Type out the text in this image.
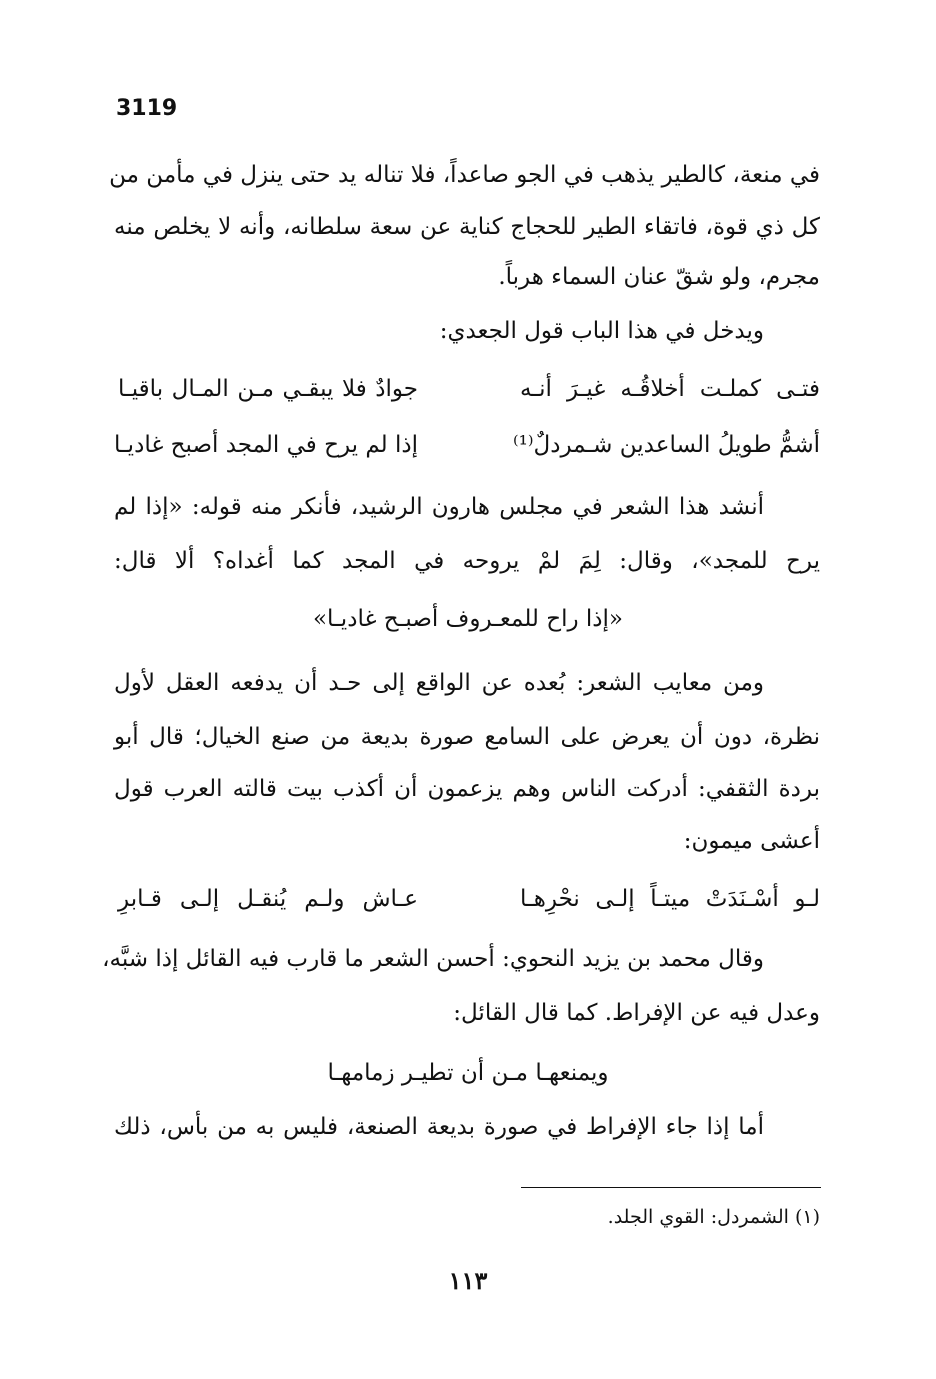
3119

في منعة، كالطير يذهب في الجو صاعداً، فلا تناله يد حتى ينزل في مأمن من

كل ذي قوة، فاتقاء الطير للحجاج كناية عن سعة سلطانه، وأنه لا يخلص منه

مجرم، ولو شقّ عنان السماء هرباً.

ويدخل في هذا الباب قول الجعدي:

فتـى كملـت أخلاقُـه غيـرَ أنـه

جوادٌ فلا يبقـي مـن المـال باقيـا

أشمُّ طويلُ الساعدين شـمردلٌ⁽¹⁾

إذا لم يرح في المجد أصبح غاديـا

أنشد هذا الشعر في مجلس هارون الرشيد، فأنكر منه قوله: «إذا لم

يرح للمجد»، وقال: لِمَ لمْ يروحه في المجد كما أغداه؟ ألا قال:

«إذا راح للمعـروف أصبـح غاديـا»

ومن معايب الشعر: بُعده عن الواقع إلى حـد أن يدفعه العقل لأول

نظرة، دون أن يعرض على السامع صورة بديعة من صنع الخيال؛ قال أبو

بردة الثقفي: أدركت الناس وهم يزعمون أن أكذب بيت قالته العرب قول

أعشى ميمون:

لـو أسْـنَدَتْ ميتـاً إلـى نحْرِهـا

عـاش ولـم يُنقـل إلـى قـابرِ

وقال محمد بن يزيد النحوي: أحسن الشعر ما قارب فيه القائل إذا شبَّه،

وعدل فيه عن الإفراط. كما قال القائل:

ويمنعهـا مـن أن تطيـر زمامهـا

أما إذا جاء الإفراط في صورة بديعة الصنعة، فليس به من بأس، ذلك

(١) الشمردل: القوي الجلد.

١١٣
